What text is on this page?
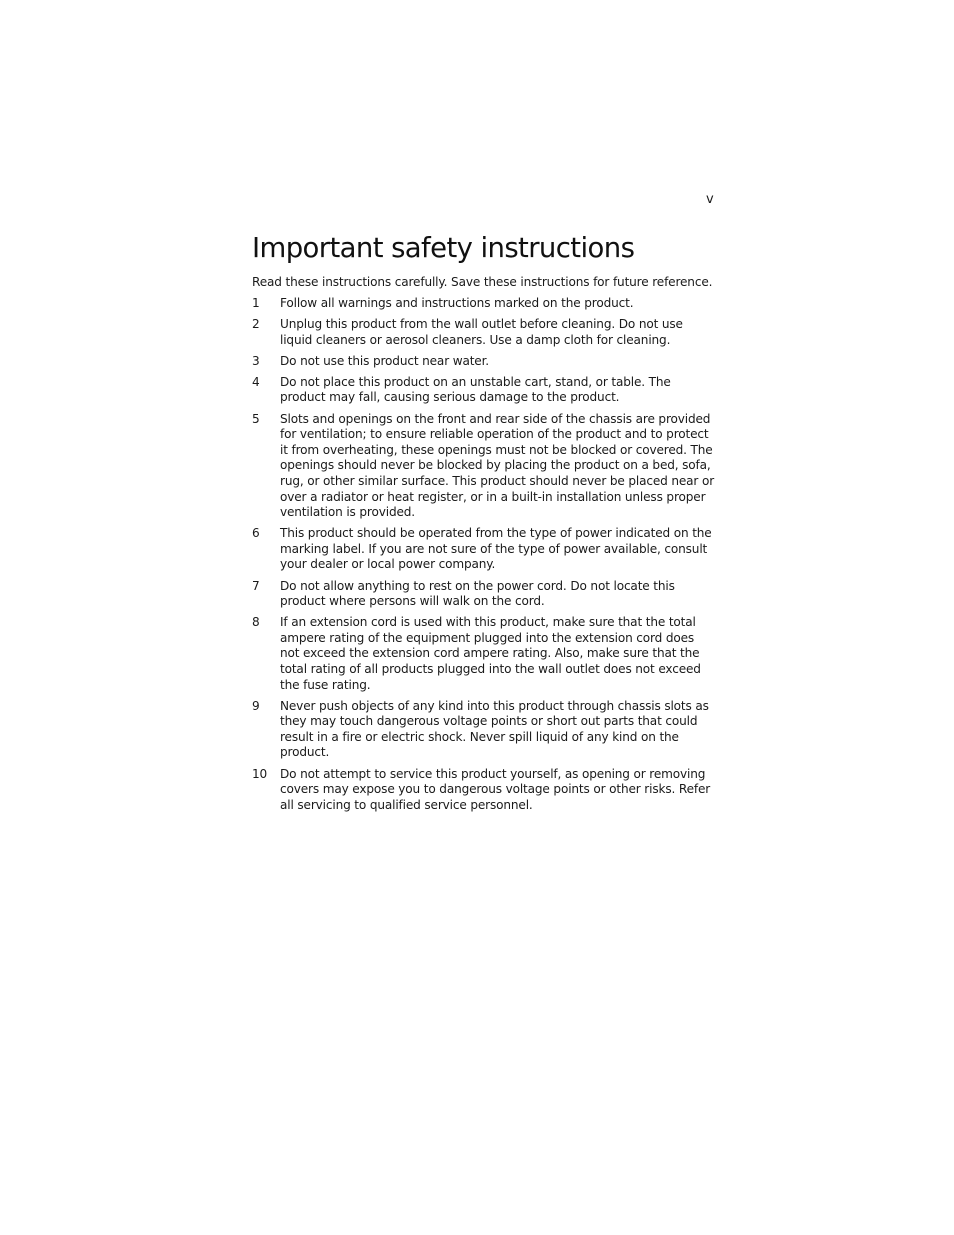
v
Important safety instructions

Read these instructions carefully. Save these instructions for future reference.

1	Follow all warnings and instructions marked on the product.
2	Unplug this product from the wall outlet before cleaning. Do not use liquid cleaners or aerosol cleaners. Use a damp cloth for cleaning.
3	Do not use this product near water.
4	Do not place this product on an unstable cart, stand, or table. The product may fall, causing serious damage to the product.
5	Slots and openings on the front and rear side of the chassis are provided for ventilation; to ensure reliable operation of the product and to protect it from overheating, these openings must not be blocked or covered. The openings should never be blocked by placing the product on a bed, sofa, rug, or other similar surface. This product should never be placed near or over a radiator or heat register, or in a built-in installation unless proper ventilation is provided.
6	This product should be operated from the type of power indicated on the marking label. If you are not sure of the type of power available, consult your dealer or local power company.
7	Do not allow anything to rest on the power cord. Do not locate this product where persons will walk on the cord.
8	If an extension cord is used with this product, make sure that the total ampere rating of the equipment plugged into the extension cord does not exceed the extension cord ampere rating. Also, make sure that the total rating of all products plugged into the wall outlet does not exceed the fuse rating.
9	Never push objects of any kind into this product through chassis slots as they may touch dangerous voltage points or short out parts that could result in a fire or electric shock. Never spill liquid of any kind on the product.
10	Do not attempt to service this product yourself, as opening or removing covers may expose you to dangerous voltage points or other risks. Refer all servicing to qualified service personnel.
